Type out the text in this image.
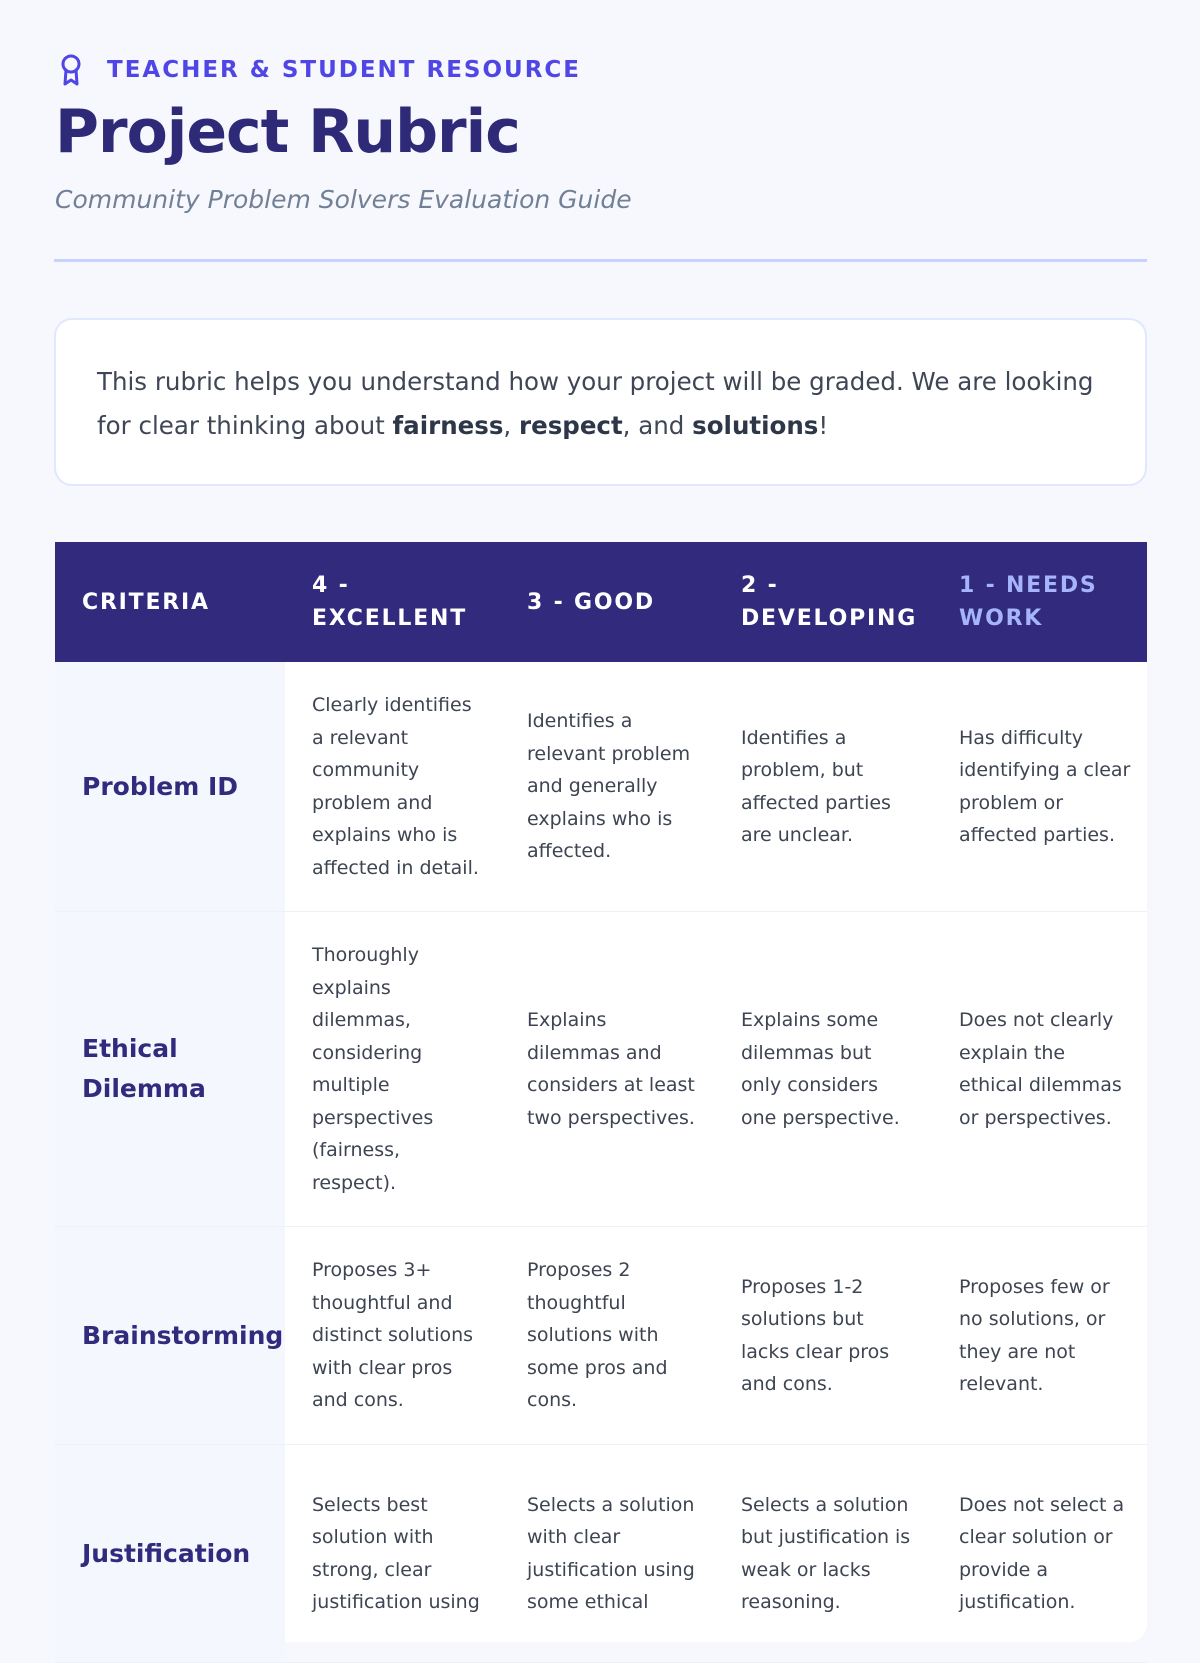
TEACHER & STUDENT RESOURCE
Project Rubric
Community Problem Solvers Evaluation Guide
This rubric helps you understand how your project will be graded. We are looking for clear thinking about fairness, respect, and solutions!
CRITERIA
4 - EXCELLENT
3 - GOOD
2 - DEVELOPING
1 - NEEDS WORK
Problem ID
Clearly identifies a relevant community problem and explains who is affected in detail.
Identifies a relevant problem and generally explains who is affected.
Identifies a problem, but affected parties are unclear.
Has difficulty identifying a clear problem or affected parties.
Ethical Dilemma
Thoroughly explains dilemmas, considering multiple perspectives (fairness, respect).
Explains dilemmas and considers at least two perspectives.
Explains some dilemmas but only considers one perspective.
Does not clearly explain the ethical dilemmas or perspectives.
Brainstorming
Proposes 3+ thoughtful and distinct solutions with clear pros and cons.
Proposes 2 thoughtful solutions with some pros and cons.
Proposes 1-2 solutions but lacks clear pros and cons.
Proposes few or no solutions, or they are not relevant.
Justification
Selects best solution with strong, clear justification using
Selects a solution with clear justification using some ethical
Selects a solution but justification is weak or lacks reasoning.
Does not select a clear solution or provide a justification.
